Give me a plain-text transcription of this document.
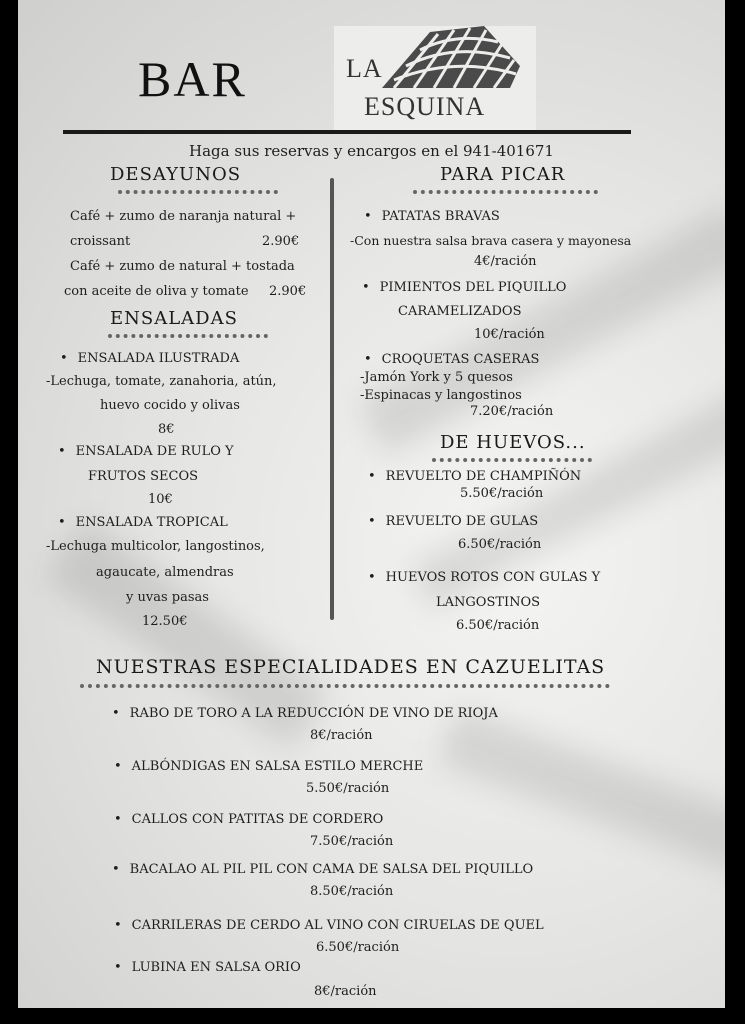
BAR	LA
ESQUINA
Haga sus reservas y encargos en el 941-401671
DESAYUNOS
Café + zumo de naranja natural +
croissant	2.90€
Café + zumo de natural + tostada
con aceite de oliva y tomate 2.90€
ENSALADAS
• ENSALADA ILUSTRADA
-Lechuga, tomate, zanahoria, atún,
huevo cocido y olivas
8€
• ENSALADA DE RULO Y
FRUTOS SECOS
10€
• ENSALADA TROPICAL
-Lechuga multicolor, langostinos,
agaucate, almendras
y uvas pasas
12.50€
PARA PICAR
• PATATAS BRAVAS
-Con nuestra salsa brava casera y mayonesa
4€/ración
• PIMIENTOS DEL PIQUILLO
CARAMELIZADOS
10€/ración
• CROQUETAS CASERAS
-Jamón York y 5 quesos
-Espinacas y langostinos
7.20€/ración
DE HUEVOS...
• REVUELTO DE CHAMPIÑÓN
5.50€/ración
• REVUELTO DE GULAS
6.50€/ración
• HUEVOS ROTOS CON GULAS Y
LANGOSTINOS
6.50€/ración
NUESTRAS ESPECIALIDADES EN CAZUELITAS
• RABO DE TORO A LA REDUCCIÓN DE VINO DE RIOJA
8€/ración
• ALBÓNDIGAS EN SALSA ESTILO MERCHE
5.50€/ración
• CALLOS CON PATITAS DE CORDERO
7.50€/ración
• BACALAO AL PIL PIL CON CAMA DE SALSA DEL PIQUILLO
8.50€/ración
• CARRILERAS DE CERDO AL VINO CON CIRUELAS DE QUEL
6.50€/ración
• LUBINA EN SALSA ORIO
8€/ración
